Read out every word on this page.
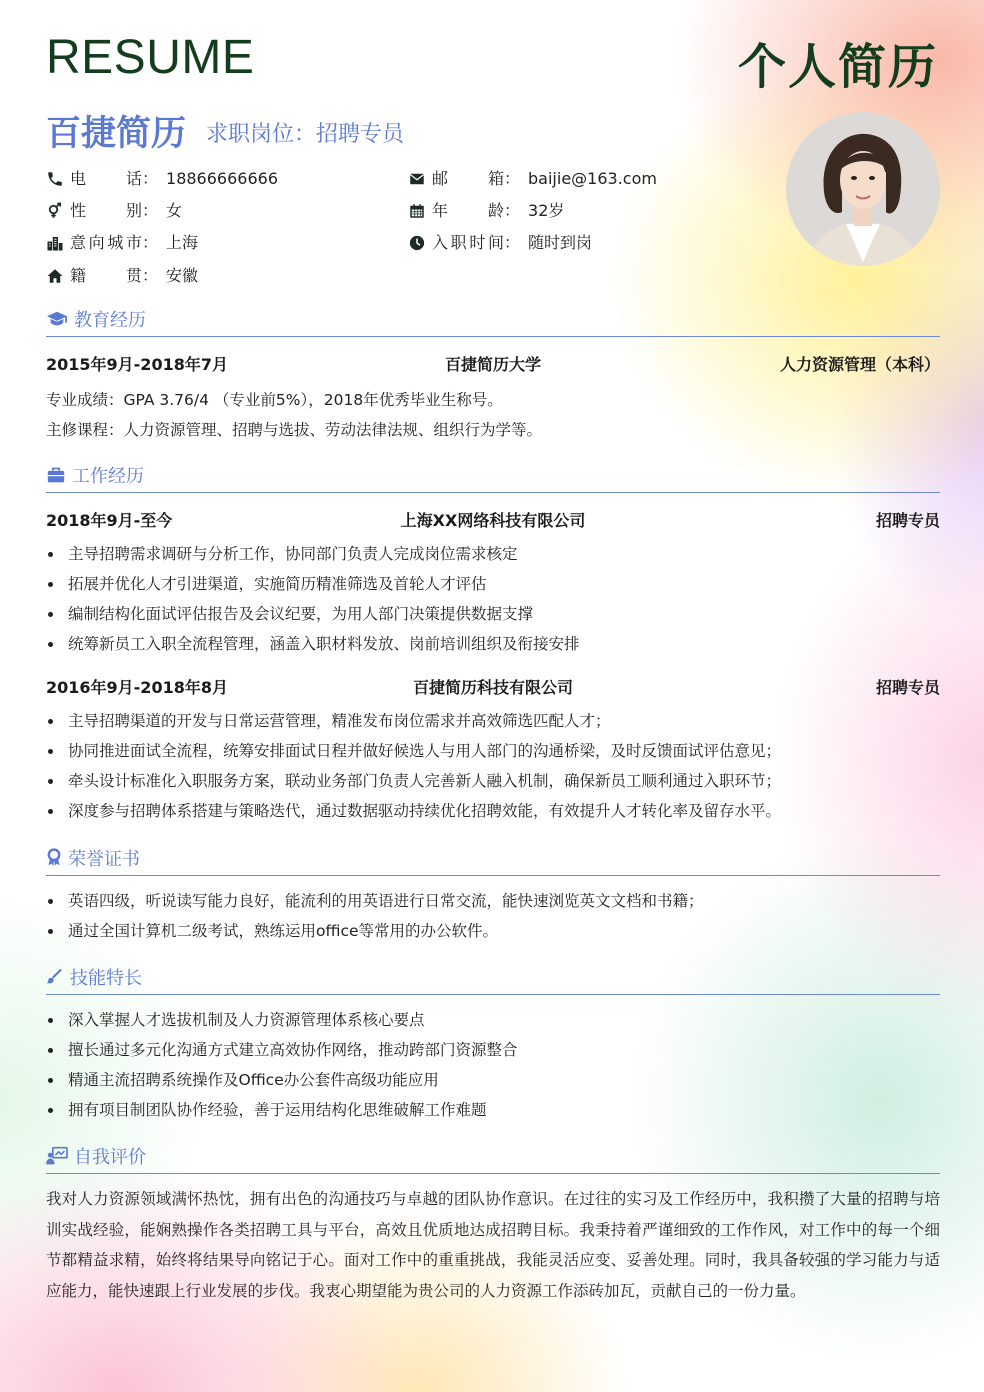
RESUME	个人简历
百捷简历 求职岗位：招聘专员
电话 ： 18866666666	邮箱 ： baijie@163.com
性别 ： 女	年龄 ： 32岁
意向城市 ： 上海	入职时间 ： 随时到岗
籍贯 ： 安徽
教育经历
2015年9月-2018年7月	百捷简历大学	人力资源管理（本科）
专业成绩：GPA 3.76/4 （专业前5%），2018年优秀毕业生称号。
主修课程：人力资源管理、招聘与选拔、劳动法律法规、组织行为学等。
工作经历
2018年9月-至今	上海XX网络科技有限公司	招聘专员
主导招聘需求调研与分析工作，协同部门负责人完成岗位需求核定
拓展并优化人才引进渠道，实施简历精准筛选及首轮人才评估
编制结构化面试评估报告及会议纪要，为用人部门决策提供数据支撑
统筹新员工入职全流程管理，涵盖入职材料发放、岗前培训组织及衔接安排
2016年9月-2018年8月	百捷简历科技有限公司	招聘专员
主导招聘渠道的开发与日常运营管理，精准发布岗位需求并高效筛选匹配人才；
协同推进面试全流程，统筹安排面试日程并做好候选人与用人部门的沟通桥梁，及时反馈面试评估意见；
牵头设计标准化入职服务方案，联动业务部门负责人完善新人融入机制，确保新员工顺利通过入职环节；
深度参与招聘体系搭建与策略迭代，通过数据驱动持续优化招聘效能，有效提升人才转化率及留存水平。
荣誉证书
英语四级，听说读写能力良好，能流利的用英语进行日常交流，能快速浏览英文文档和书籍；
通过全国计算机二级考试，熟练运用office等常用的办公软件。
技能特长
深入掌握人才选拔机制及人力资源管理体系核心要点
擅长通过多元化沟通方式建立高效协作网络，推动跨部门资源整合
精通主流招聘系统操作及Office办公套件高级功能应用
拥有项目制团队协作经验，善于运用结构化思维破解工作难题
自我评价
我对人力资源领域满怀热忱，拥有出色的沟通技巧与卓越的团队协作意识。在过往的实习及工作经历中，我积攒了大量的招聘与培训实战经验，能娴熟操作各类招聘工具与平台，高效且优质地达成招聘目标。我秉持着严谨细致的工作作风，对工作中的每一个细节都精益求精，始终将结果导向铭记于心。面对工作中的重重挑战，我能灵活应变、妥善处理。同时，我具备较强的学习能力与适应能力，能快速跟上行业发展的步伐。我衷心期望能为贵公司的人力资源工作添砖加瓦，贡献自己的一份力量。
